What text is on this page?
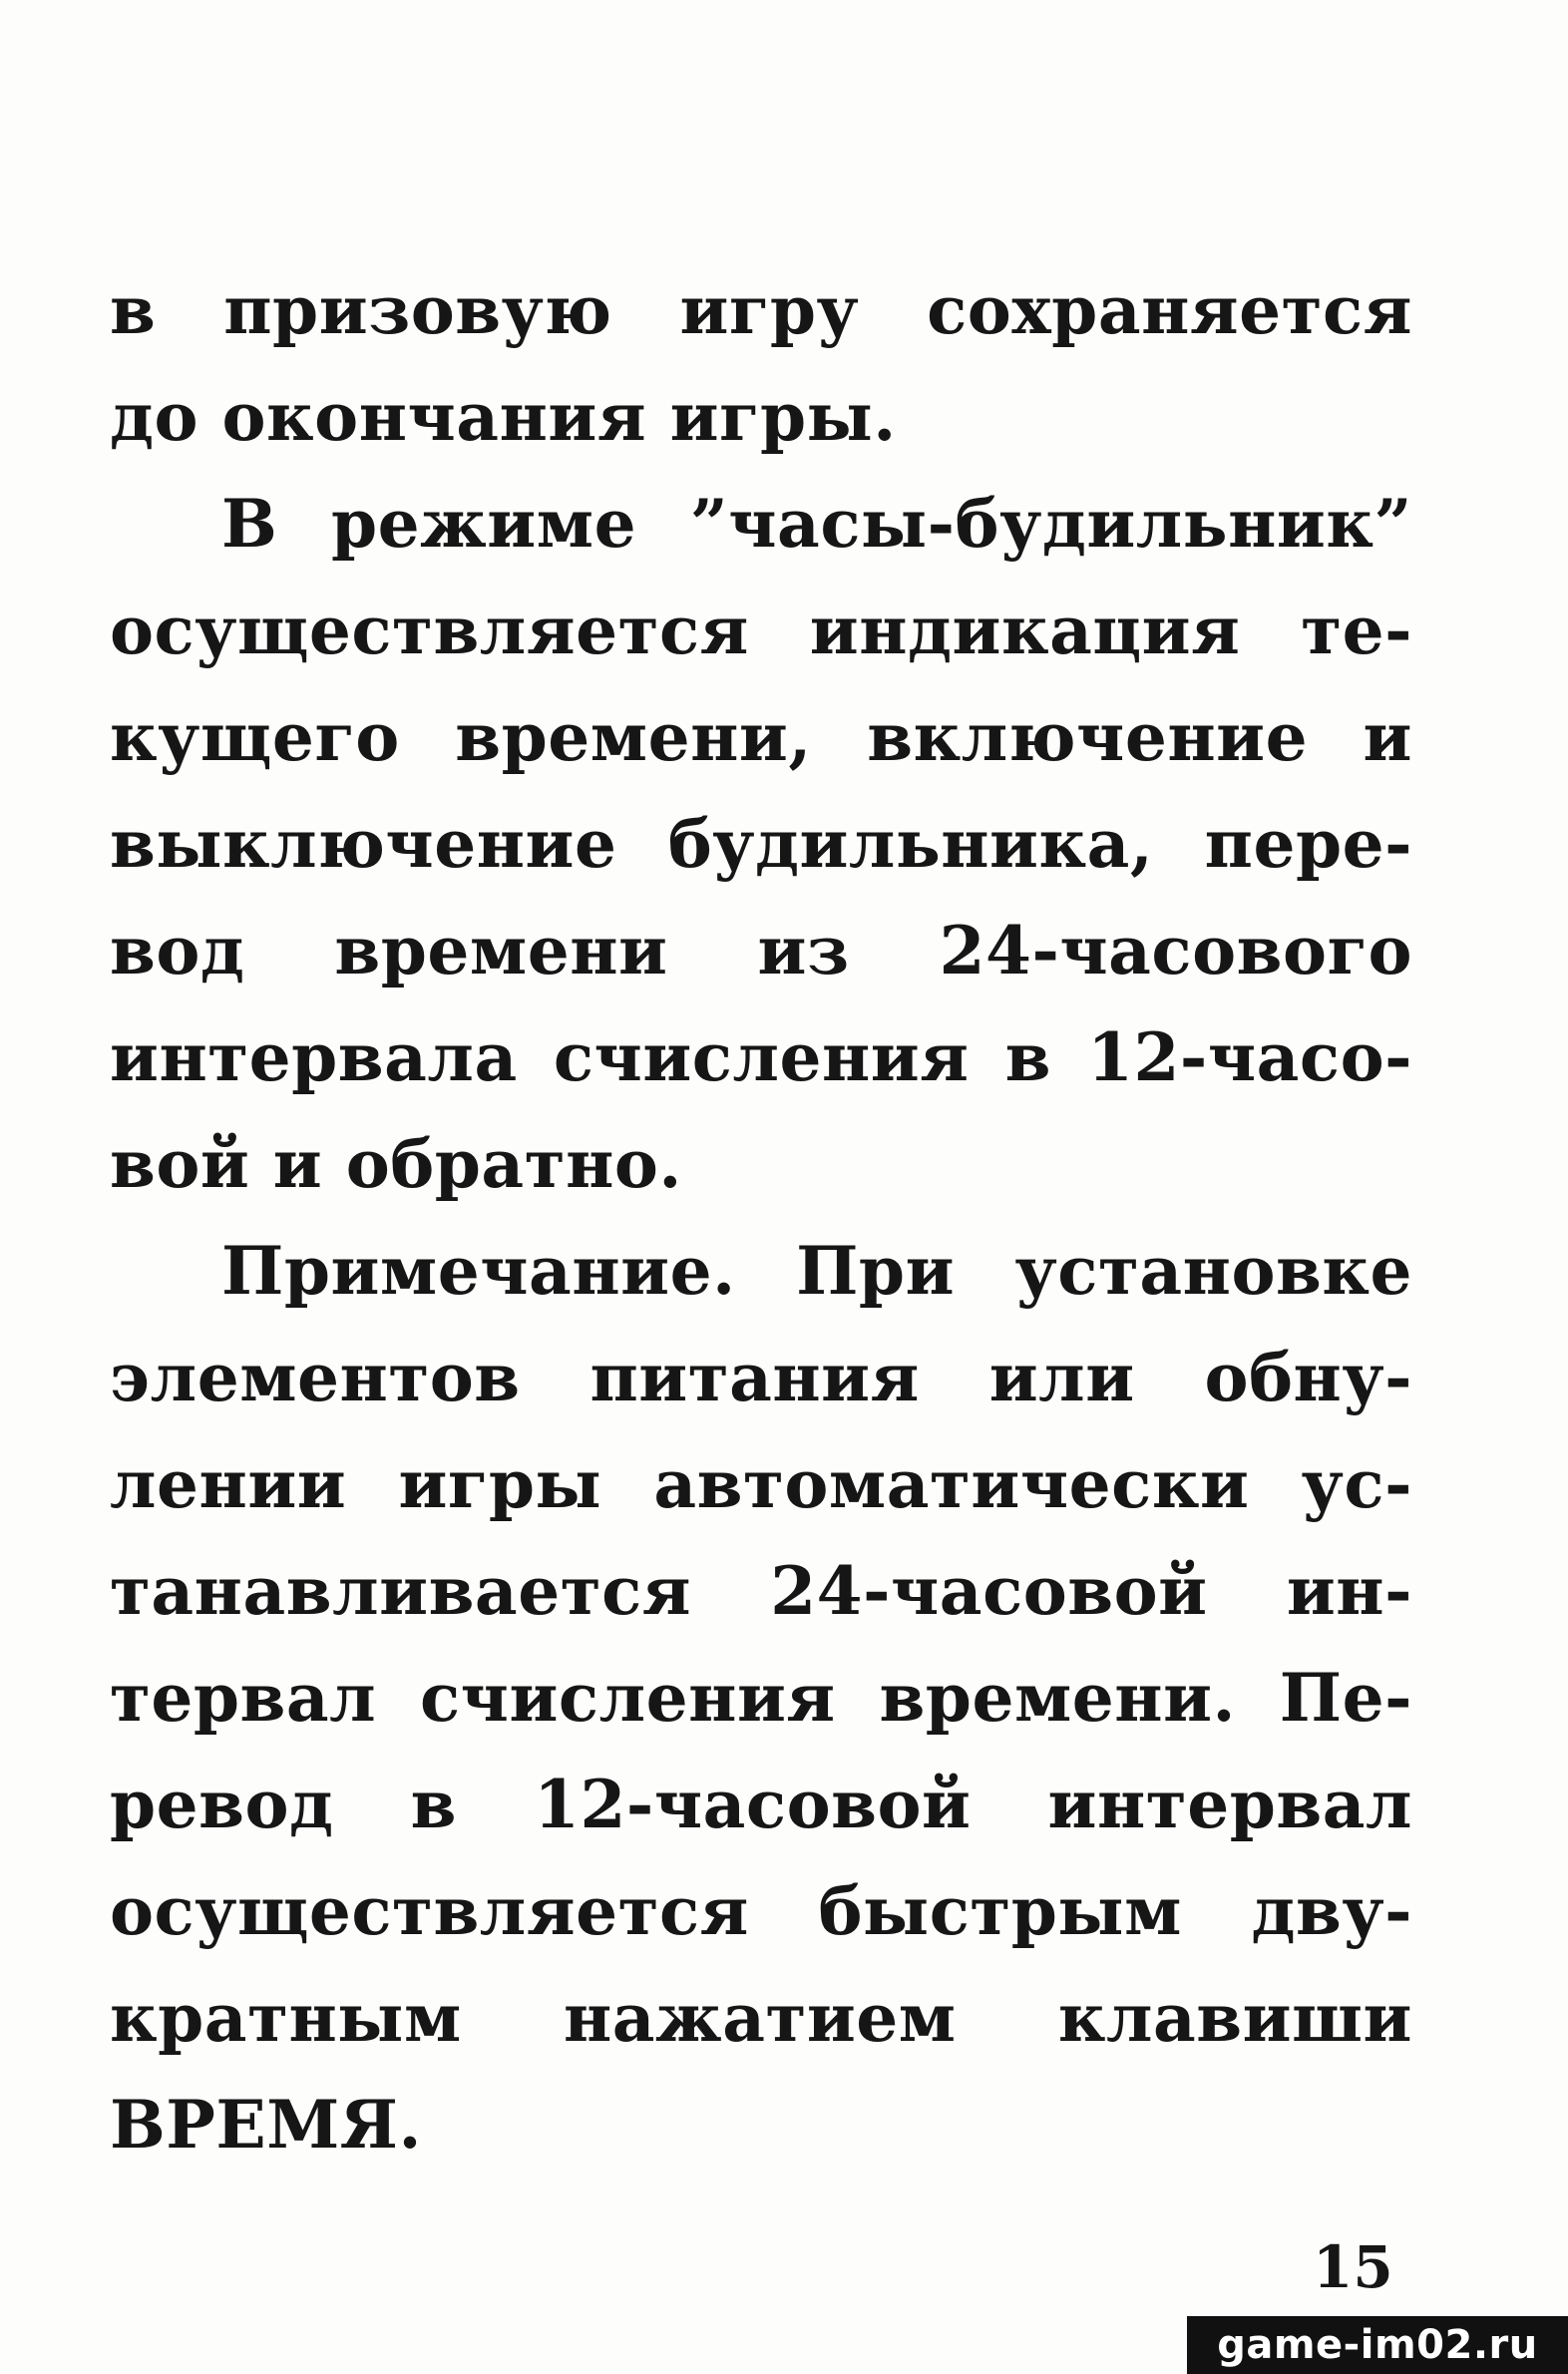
в призовую игру сохраняется
до окончания игры.
В режиме ”часы-будильник”
осуществляется индикация те-
кущего времени, включение и
выключение будильника, пере-
вод времени из 24-часового
интервала счисления в 12-часо-
вой и обратно.
Примечание. При установке
элементов питания или обну-
лении игры автоматически ус-
танавливается 24-часовой ин-
тервал счисления времени. Пе-
ревод в 12-часовой интервал
осуществляется быстрым дву-
кратным нажатием клавиши
ВРЕМЯ.
15
game-im02.ru
